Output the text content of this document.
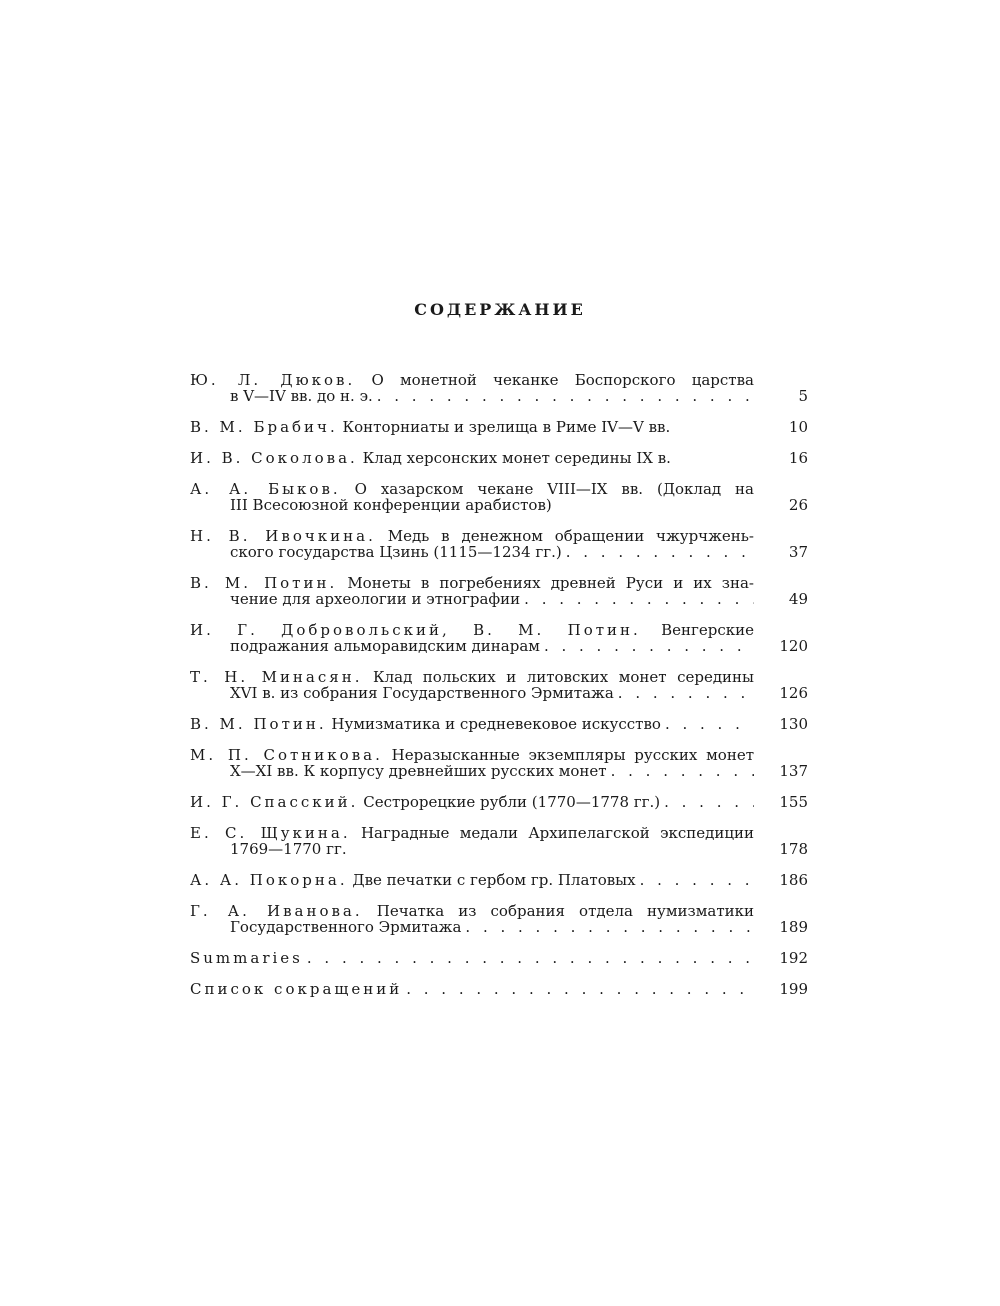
СОДЕРЖАНИЕ
Ю. Л. Дюков. О монетной чеканке Боспорского царства
в V—IV вв. до н. э. . . .	5
В. М. Брабич. Конторниаты и зрелища в Риме IV—V вв.	10
И. В. Соколова. Клад херсонских монет середины IX в.	16
А. А. Быков. О хазарском чекане VIII—IX вв. (Доклад на
III Всесоюзной конференции арабистов)	26
Н. В. Ивочкина. Медь в денежном обращении чжурчжень-
ского государства Цзинь (1115—1234 гг.) . . .	37
В. М. Потин. Монеты в погребениях древней Руси и их зна-
чение для археологии и этнографии . . .	49
И. Г. Добровольский, В. М. Потин. Венгерские
подражания альморавидским динарам . . .	120
Т. Н. Минасян. Клад польских и литовских монет середины
XVI в. из собрания Государственного Эрмитажа . . .	126
В. М. Потин. Нумизматика и средневековое искусство . . .	130
М. П. Сотникова. Неразысканные экземпляры русских монет
X—XI вв. К корпусу древнейших русских монет . . .	137
И. Г. Спасский. Сестрорецкие рубли (1770—1778 гг.) . . .	155
Е. С. Щукина. Наградные медали Архипелагской экспедиции
1769—1770 гг.	178
А. А. Покорна. Две печатки с гербом гр. Платовых . . .	186
Г. А. Иванова. Печатка из собрания отдела нумизматики
Государственного Эрмитажа . . .	189
Summaries . . .	192
Список сокращений . . .	199
